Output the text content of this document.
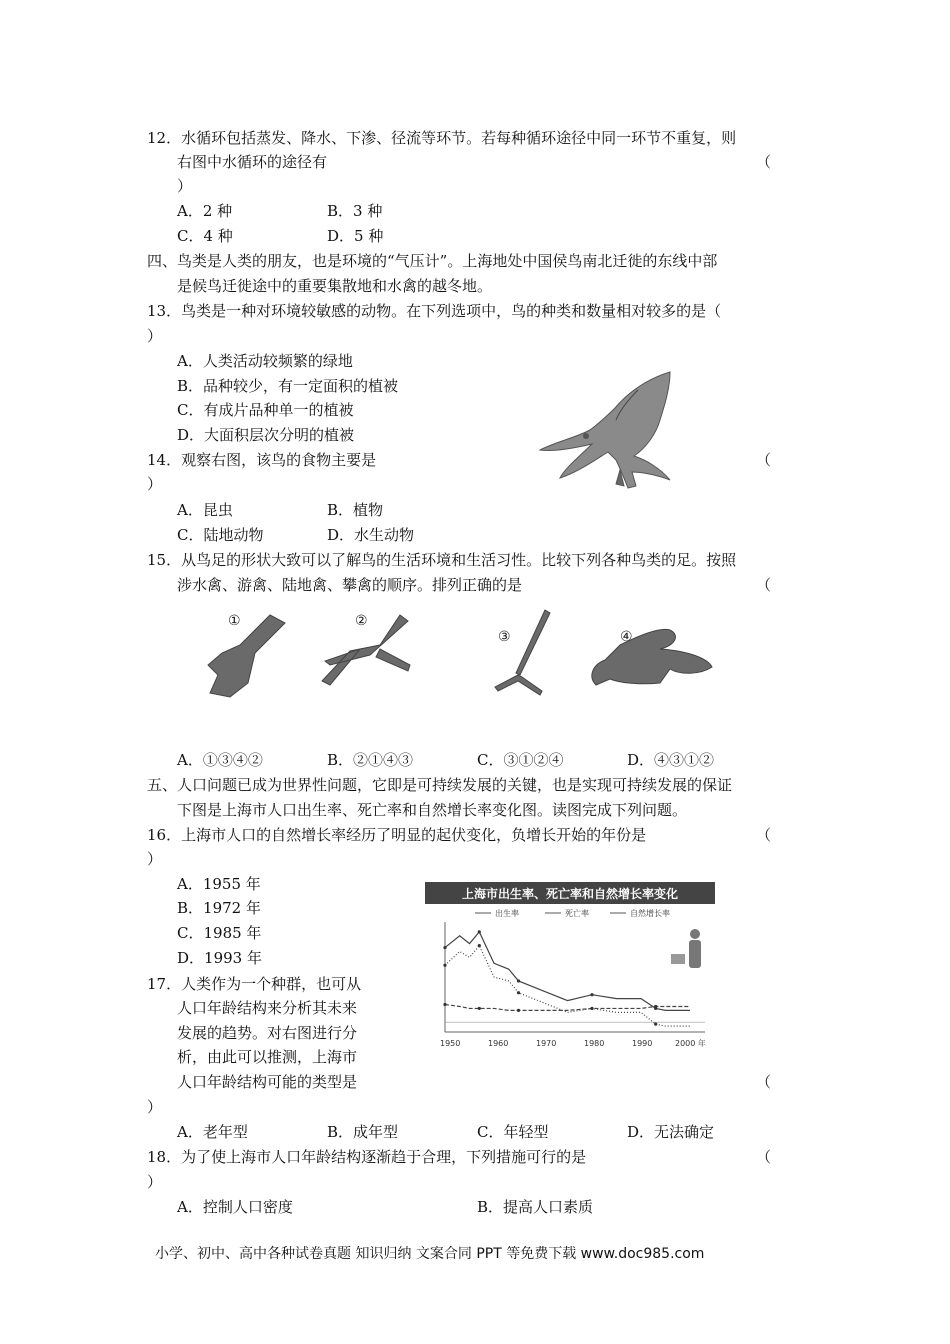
12．水循环包括蒸发、降水、下渗、径流等环节。若每种循环途径中同一环节不重复，则
右图中水循环的途径有	（
）
A．2 种	B．3 种
C．4 种	D．5 种
四、鸟类是人类的朋友，也是环境的“气压计”。上海地处中国侯鸟南北迁徙的东线中部
是候鸟迁徙途中的重要集散地和水禽的越冬地。
13．鸟类是一种对环境较敏感的动物。在下列选项中，鸟的种类和数量相对较多的是（
）
A．人类活动较频繁的绿地
B．品种较少，有一定面积的植被
C．有成片品种单一的植被
D．大面积层次分明的植被
14．观察右图，该鸟的食物主要是	（
）
A．昆虫	B．植物
C．陆地动物	D．水生动物
15．从鸟足的形状大致可以了解鸟的生活环境和生活习性。比较下列各种鸟类的足。按照
涉水禽、游禽、陆地禽、攀禽的顺序。排列正确的是	（
①	②
③	④
A．①③④②	B．②①④③	C．③①②④	D．④③①②
五、人口问题已成为世界性问题，它即是可持续发展的关键，也是实现可持续发展的保证
下图是上海市人口出生率、死亡率和自然增长率变化图。读图完成下列问题。
16．上海市人口的自然增长率经历了明显的起伏变化，负增长开始的年份是	（
）
A．1955 年
B．1972 年
C．1985 年
D．1993 年
上海市出生率、死亡率和自然增长率变化
出生率	死亡率	自然增长率
1950	1960	1970	1980	1990	2000 年
17．人类作为一个种群，也可从
人口年龄结构来分析其未来
发展的趋势。对右图进行分
析，由此可以推测，上海市
人口年龄结构可能的类型是	（
）
A．老年型	B．成年型	C．年轻型	D．无法确定
18．为了使上海市人口年龄结构逐渐趋于合理，下列措施可行的是	（
）
A．控制人口密度	B．提高人口素质
小学、初中、高中各种试卷真题 知识归纳 文案合同 PPT 等免费下载 www.doc985.com
